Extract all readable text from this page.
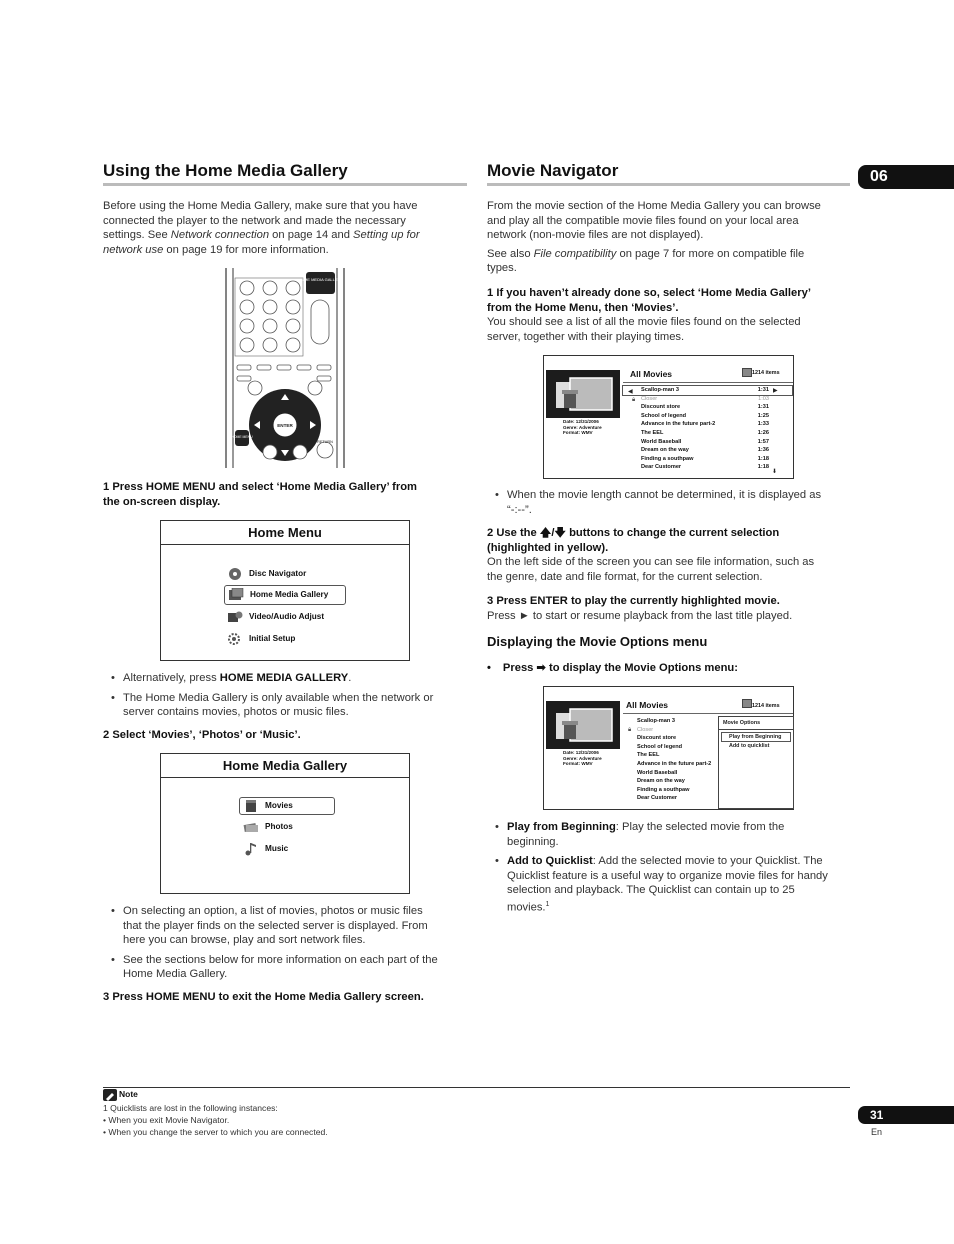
06
Using the Home Media Gallery

Before using the Home Media Gallery, make sure that you have

connected the player to the network and made the necessary

settings. See Network connection on page 14 and Setting up for

network use on page 19 for more information.

HOME MEDIA GALLERY
ENTER
HOME MENU
RETURN

1 Press HOME MENU and select ‘Home Media Gallery’ from

the on-screen display.

Home Menu
Disc Navigator
Home Media Gallery
Video/Audio Adjust
Initial Setup

• Alternatively, press HOME MEDIA GALLERY.

• The Home Media Gallery is only available when the network or
server contains movies, photos or music files.

2 Select ‘Movies’, ‘Photos’ or ‘Music’.

Home Media Gallery
Movies
Photos
Music

• On selecting an option, a list of movies, photos or music files
that the player finds on the selected server is displayed. From
here you can browse, play and sort network files.

• See the sections below for more information on each part of the
Home Media Gallery.

3 Press HOME MENU to exit the Home Media Gallery screen.

Movie Navigator

From the movie section of the Home Media Gallery you can browse

and play all the compatible movie files found on your local area

network (non-movie files are not displayed).

See also File compatibility on page 7 for more on compatible file

types.

1 If you haven’t already done so, select ‘Home Media Gallery’

from the Home Menu, then ‘Movies’.

You should see a list of all the movie files found on the selected

server, together with their playing times.

Date: 12/31/2006
Genre: Adventure
Format: WMV
All Movies	1214 items
◀	▶
Scallop-man 3	1:31
Closer	1:03
Discount store	1:31
School of legend	1:25
Advance in the future part-2	1:33
The EEL	1:26
World Baseball	1:57
Dream on the way	1:36
Finding a southpaw	1:18
Dear Customer	1:18
🔒︎
⬇

• When the movie length cannot be determined, it is displayed as
“-:--”.

2 Use the 🡅/🡇 buttons to change the current selection

(highlighted in yellow).

On the left side of the screen you can see file information, such as

the genre, date and file format, for the current selection.

3 Press ENTER to play the currently highlighted movie.

Press ► to start or resume playback from the last title played.

Displaying the Movie Options menu

• Press ➡ to display the Movie Options menu:

Date: 12/31/2006
Genre: Adventure
Format: WMV
All Movies	1214 items
Scallop-man 3
Closer
Discount store
School of legend
The EEL
Advance in the future part-2
World Baseball
Dream on the way
Finding a southpaw
Dear Customer
🔒︎
Movie Options
Play from Beginning
Add to quicklist

• Play from Beginning: Play the selected movie from the
beginning.

• Add to Quicklist: Add the selected movie to your Quicklist. The
Quicklist feature is a useful way to organize movie files for handy
selection and playback. The Quicklist can contain up to 25
movies.$^1$

Note
1 Quicklists are lost in the following instances:
• When you exit Movie Navigator.
• When you change the server to which you are connected.
31
En
